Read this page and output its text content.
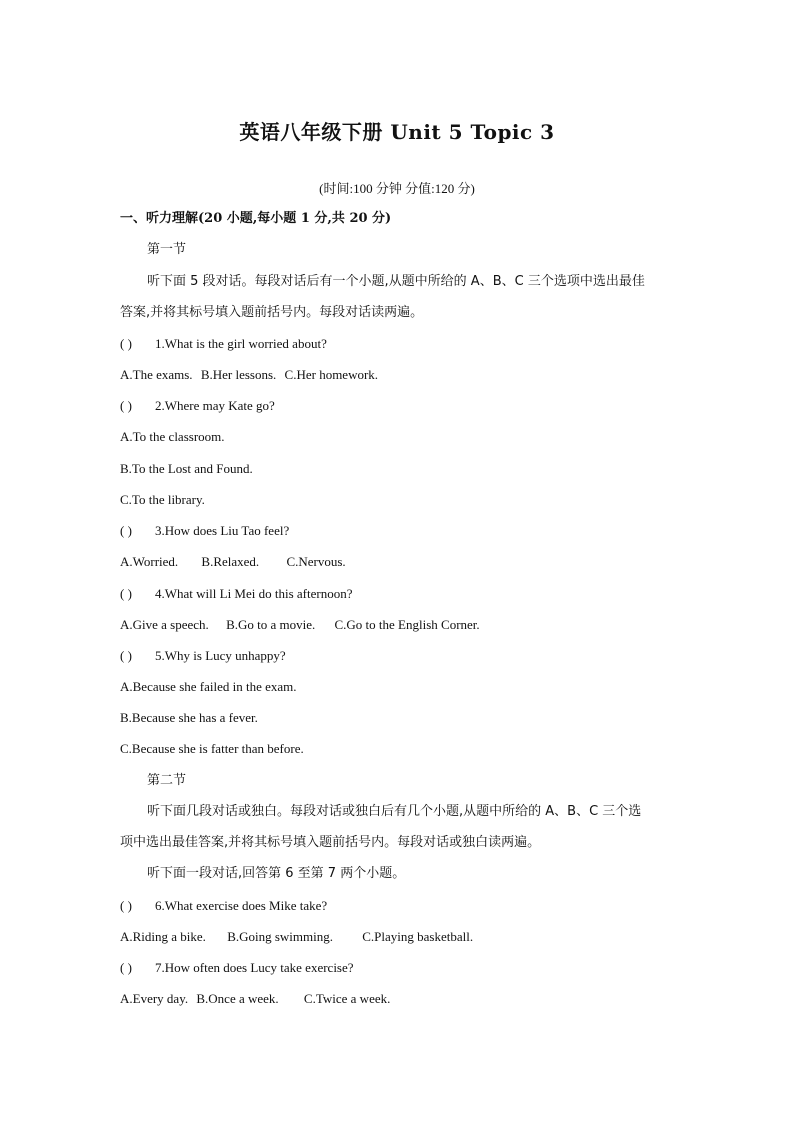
英语八年级下册 Unit 5 Topic 3
(时间:100 分钟 分值:120 分)
一、听力理解(20 小题,每小题 1 分,共 20 分)
第一节
听下面 5 段对话。每段对话后有一个小题,从题中所给的 A、B、C 三个选项中选出最佳
答案,并将其标号填入题前括号内。每段对话读两遍。
( ) 1.What is the girl worried about?
A.The exams. B.Her lessons. C.Her homework.
( ) 2.Where may Kate go?
A.To the classroom.
B.To the Lost and Found.
C.To the library.
( ) 3.How does Liu Tao feel?
A.Worried. B.Relaxed. C.Nervous.
( ) 4.What will Li Mei do this afternoon?
A.Give a speech. B.Go to a movie. C.Go to the English Corner.
( ) 5.Why is Lucy unhappy?
A.Because she failed in the exam.
B.Because she has a fever.
C.Because she is fatter than before.
第二节
听下面几段对话或独白。每段对话或独白后有几个小题,从题中所给的 A、B、C 三个选
项中选出最佳答案,并将其标号填入题前括号内。每段对话或独白读两遍。
听下面一段对话,回答第 6 至第 7 两个小题。
( ) 6.What exercise does Mike take?
A.Riding a bike. B.Going swimming. C.Playing basketball.
( ) 7.How often does Lucy take exercise?
A.Every day. B.Once a week. C.Twice a week.
